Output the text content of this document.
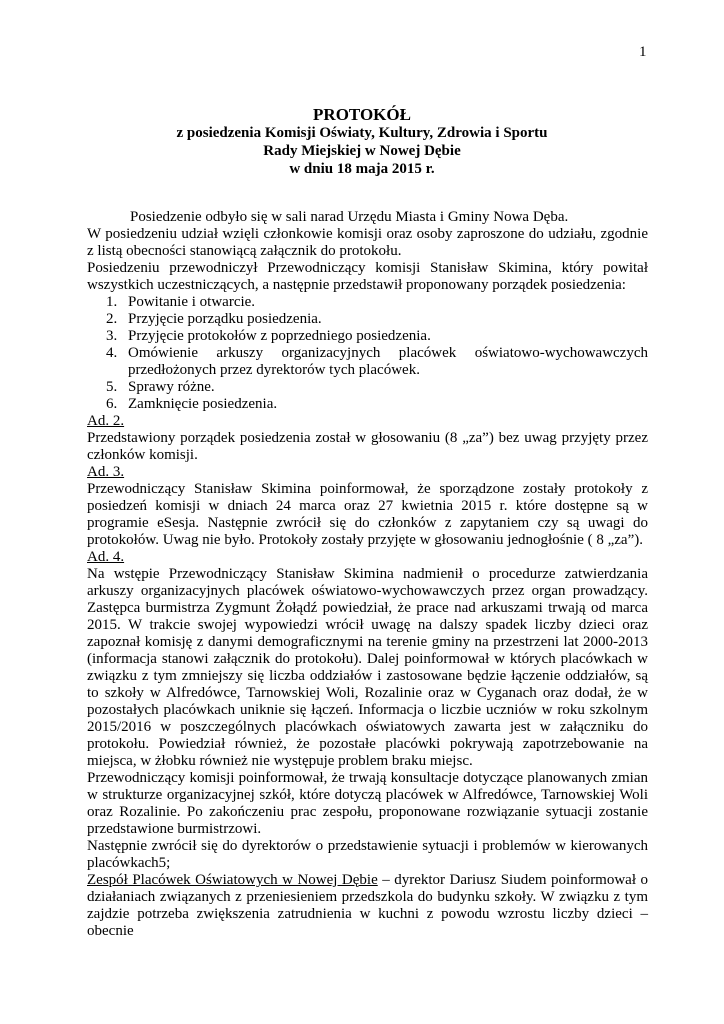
1
PROTOKÓŁ
z posiedzenia Komisji Oświaty, Kultury, Zdrowia i Sportu
Rady Miejskiej w Nowej Dębie
w dniu 18 maja 2015 r.

Posiedzenie odbyło się w sali narad Urzędu Miasta i Gminy Nowa Dęba.

W posiedzeniu udział wzięli członkowie komisji oraz osoby zaproszone do udziału, zgodnie z listą obecności stanowiącą załącznik do protokołu.

Posiedzeniu przewodniczył Przewodniczący komisji Stanisław Skimina, który powitał wszystkich uczestniczących, a następnie przedstawił proponowany porządek posiedzenia:

1. Powitanie i otwarcie.
2. Przyjęcie porządku posiedzenia.
3. Przyjęcie protokołów z poprzedniego posiedzenia.
4. Omówienie arkuszy organizacyjnych placówek oświatowo-wychowawczych przedłożonych przez dyrektorów tych placówek.
5. Sprawy różne.
6. Zamknięcie posiedzenia.

Ad. 2.

Przedstawiony porządek posiedzenia został w głosowaniu (8 „za”) bez uwag przyjęty przez członków komisji.

Ad. 3.

Przewodniczący Stanisław Skimina poinformował, że sporządzone zostały protokoły z posiedzeń komisji w dniach 24 marca oraz 27 kwietnia 2015 r. które dostępne są w programie eSesja. Następnie zwrócił się do członków z zapytaniem czy są uwagi do protokołów. Uwag nie było. Protokoły zostały przyjęte w głosowaniu jednogłośnie ( 8 „za”).

Ad. 4.

Na wstępie Przewodniczący Stanisław Skimina nadmienił o procedurze zatwierdzania arkuszy organizacyjnych placówek oświatowo-wychowawczych przez organ prowadzący. Zastępca burmistrza Zygmunt Żołądź powiedział, że prace nad arkuszami trwają od marca 2015. W trakcie swojej wypowiedzi wrócił uwagę na dalszy spadek liczby dzieci oraz zapoznał komisję z danymi demograficznymi na terenie gminy na przestrzeni lat 2000-2013 (informacja stanowi załącznik do protokołu). Dalej poinformował w których placówkach w związku z tym zmniejszy się liczba oddziałów i zastosowane będzie łączenie oddziałów, są to szkoły w Alfredówce, Tarnowskiej Woli, Rozalinie oraz w Cyganach oraz dodał, że w pozostałych placówkach uniknie się łączeń. Informacja o liczbie uczniów w roku szkolnym 2015/2016 w poszczególnych placówkach oświatowych zawarta jest w załączniku do protokołu. Powiedział również, że pozostałe placówki pokrywają zapotrzebowanie na miejsca, w żłobku również nie występuje problem braku miejsc.

Przewodniczący komisji poinformował, że trwają konsultacje dotyczące planowanych zmian w strukturze organizacyjnej szkół, które dotyczą placówek w Alfredówce, Tarnowskiej Woli oraz Rozalinie. Po zakończeniu prac zespołu, proponowane rozwiązanie sytuacji zostanie przedstawione burmistrzowi.

Następnie zwrócił się do dyrektorów o przedstawienie sytuacji i problemów w kierowanych placówkach5;

Zespół Placówek Oświatowych w Nowej Dębie – dyrektor Dariusz Siudem poinformował o działaniach związanych z przeniesieniem przedszkola do budynku szkoły. W związku z tym zajdzie potrzeba zwiększenia zatrudnienia w kuchni z powodu wzrostu liczby dzieci – obecnie
